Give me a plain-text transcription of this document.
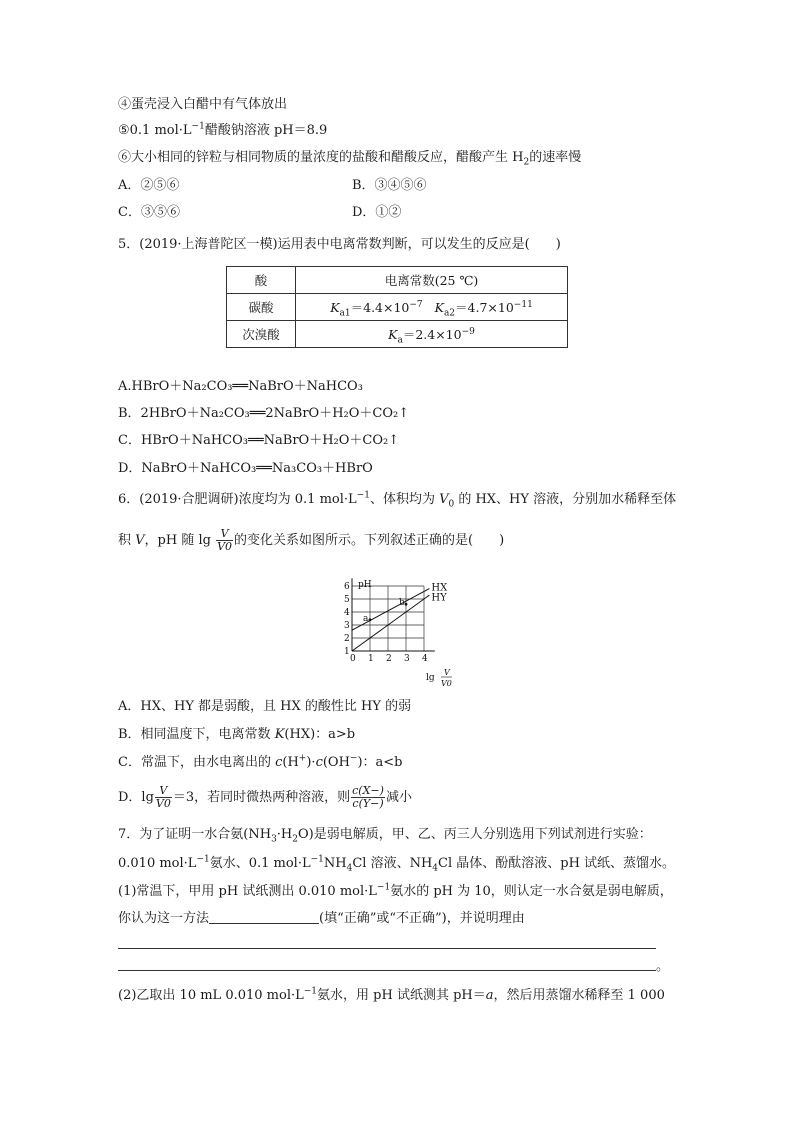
④蛋壳浸入白醋中有气体放出
⑤0.1 $mol\cdot L^{-1}$醋酸钠溶液 pH＝8.9
⑥大小相同的锌粒与相同物质的量浓度的盐酸和醋酸反应，醋酸产生 $H_2$的速率慢
A．②⑤⑥	B．③④⑤⑥
C．③⑤⑥	D．①②
5．(2019·上海普陀区一模)运用表中电离常数判断，可以发生的反应是(　　)
酸	电离常数(25 ℃)
碳酸	$K_{a1}=4.4\times 10^{-7}$ $K_{a2}=4.7\times 10^{-11}$
次溴酸	$K_a=2.4\times 10^{-9}$
A.HBrO＋Na₂CO₃══NaBrO＋NaHCO₃
B．2HBrO＋Na₂CO₃══2NaBrO＋H₂O＋CO₂↑
C．HBrO＋NaHCO₃══NaBrO＋H₂O＋CO₂↑
D．NaBrO＋NaHCO₃══Na₃CO₃＋HBrO
6．(2019·合肥调研)浓度均为 0.1 $mol\cdot L^{-1}$、体积均为 $V_0$ 的 HX、HY 溶液，分别加水稀释至体
积 V，pH 随 $\lg \frac{V}{V0}$ 的变化关系如图所示。下列叙述正确的是(　　)
1
2
3
4
5
6
0 1 2 3 4
a
b
pH	HX
HY
lg
V
V0
A．HX、HY 都是弱酸，且 HX 的酸性比 HY 的弱
B．相同温度下，电离常数 K(HX)：a>b
C．常温下，由水电离出的 c(H+)·c(OH−)：a<b
D．$\lg \frac{V}{V0} =3$，若同时微热两种溶液，则 $\frac{c(X-)}{c(Y-)}$ 减小
7．为了证明一水合氨$(NH_3\cdot H_2O)$是弱电解质，甲、乙、丙三人分别选用下列试剂进行实验：
0.010 $mol\cdot L^{-1}$氨水、0.1 $mol\cdot L^{-1}NH_4Cl$ 溶液、$NH_4Cl$ 晶体、酚酞溶液、pH 试纸、蒸馏水。
(1)常温下，甲用 pH 试纸测出 0.010 $mol\cdot L^{-1}$氨水的 pH 为 10，则认定一水合氨是弱电解质，
你认为这一方法	(填“正确”或“不正确”)，并说明理由
。
(2)乙取出 10 mL 0.010 $mol\cdot L^{-1}$氨水，用 pH 试纸测其 pH＝a，然后用蒸馏水稀释至 1 000
